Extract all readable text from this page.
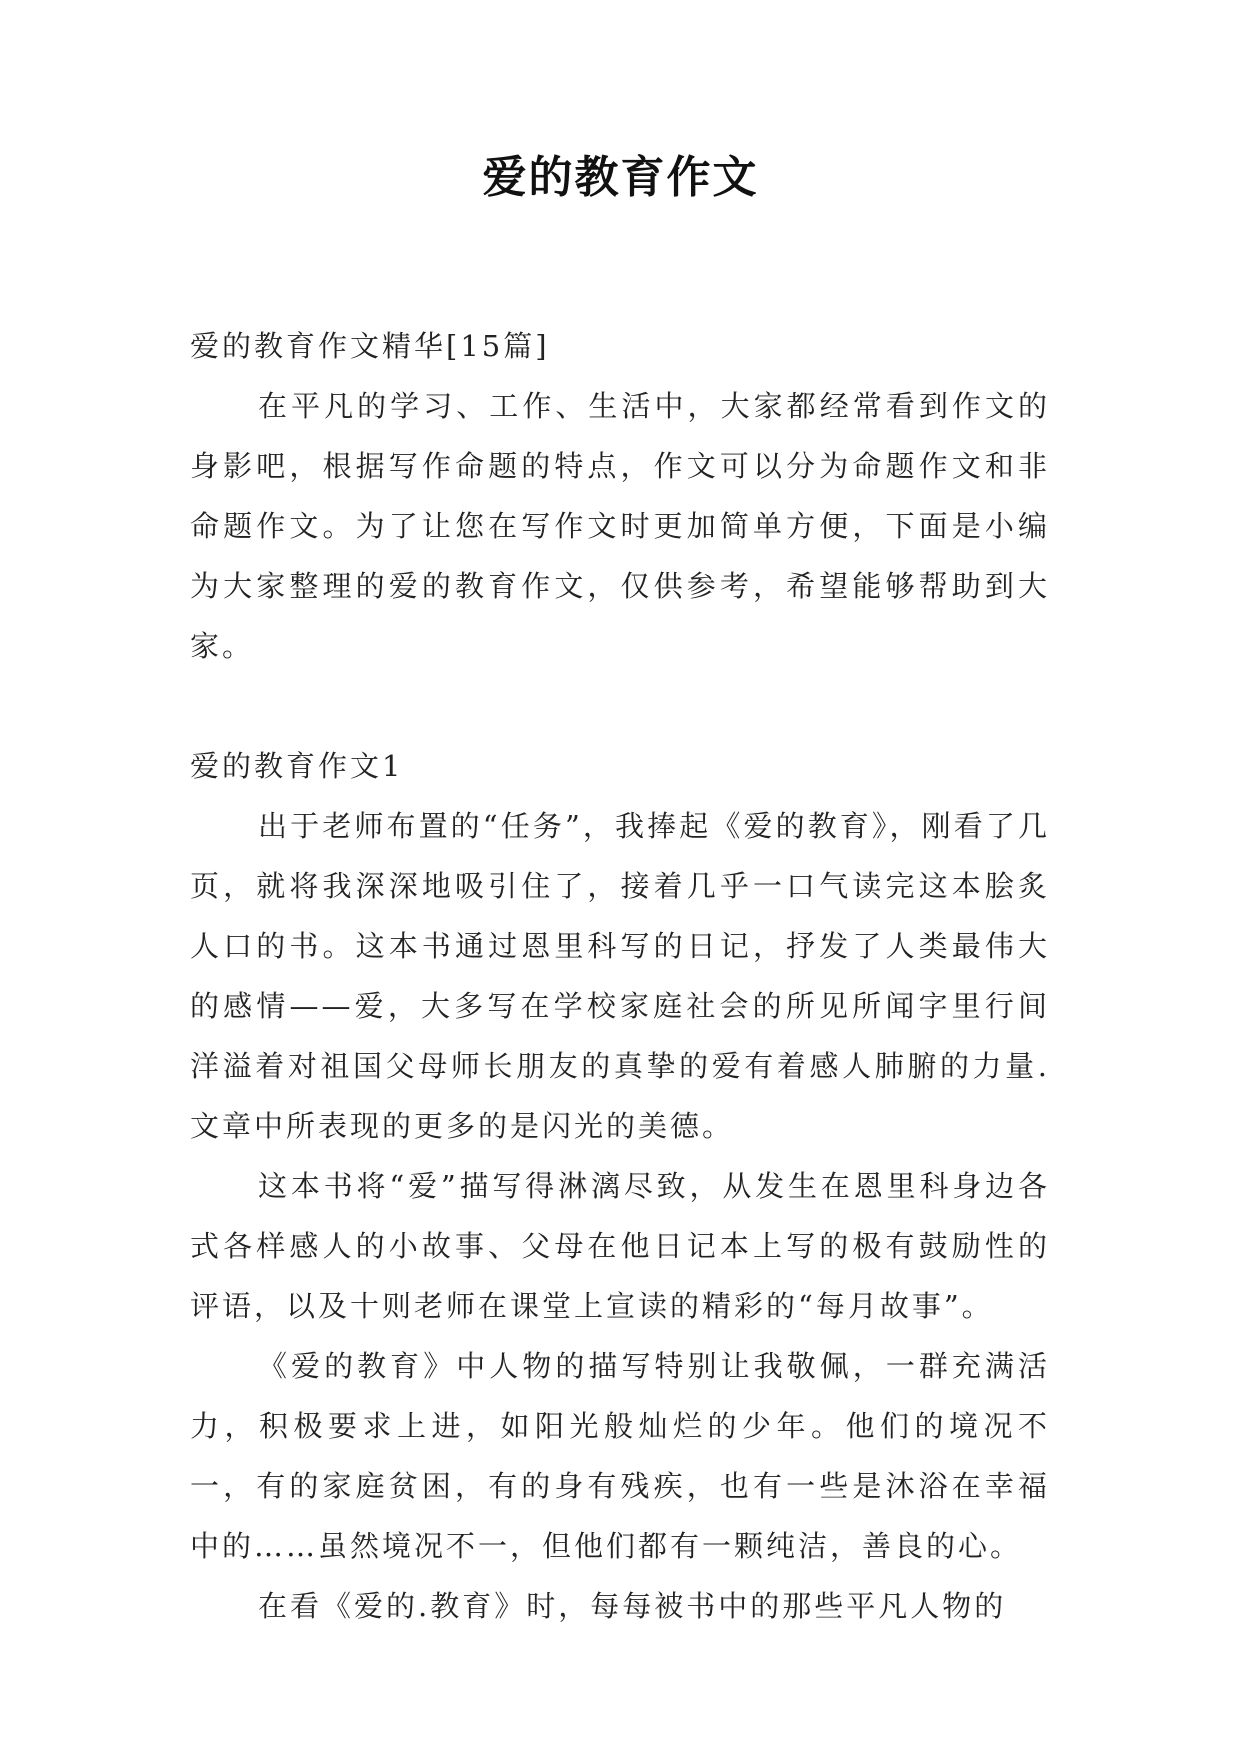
爱的教育作文

爱的教育作文精华[15篇]

在平凡的学习、工作、生活中，大家都经常看到作文的身影吧，根据写作命题的特点，作文可以分为命题作文和非命题作文。为了让您在写作文时更加简单方便，下面是小编为大家整理的爱的教育作文，仅供参考，希望能够帮助到大家。

爱的教育作文1

出于老师布置的“任务”，我捧起《爱的教育》，刚看了几页，就将我深深地吸引住了，接着几乎一口气读完这本脍炙人口的书。这本书通过恩里科写的日记，抒发了人类最伟大的感情——爱，大多写在学校家庭社会的所见所闻字里行间洋溢着对祖国父母师长朋友的真挚的爱有着感人肺腑的力量.文章中所表现的更多的是闪光的美德。

这本书将“爱”描写得淋漓尽致，从发生在恩里科身边各式各样感人的小故事、父母在他日记本上写的极有鼓励性的评语，以及十则老师在课堂上宣读的精彩的“每月故事”。

《爱的教育》中人物的描写特别让我敬佩，一群充满活力，积极要求上进，如阳光般灿烂的少年。他们的境况不一，有的家庭贫困，有的身有残疾，也有一些是沐浴在幸福中的……虽然境况不一，但他们都有一颗纯洁，善良的心。

在看《爱的.教育》时，每每被书中的那些平凡人物的
